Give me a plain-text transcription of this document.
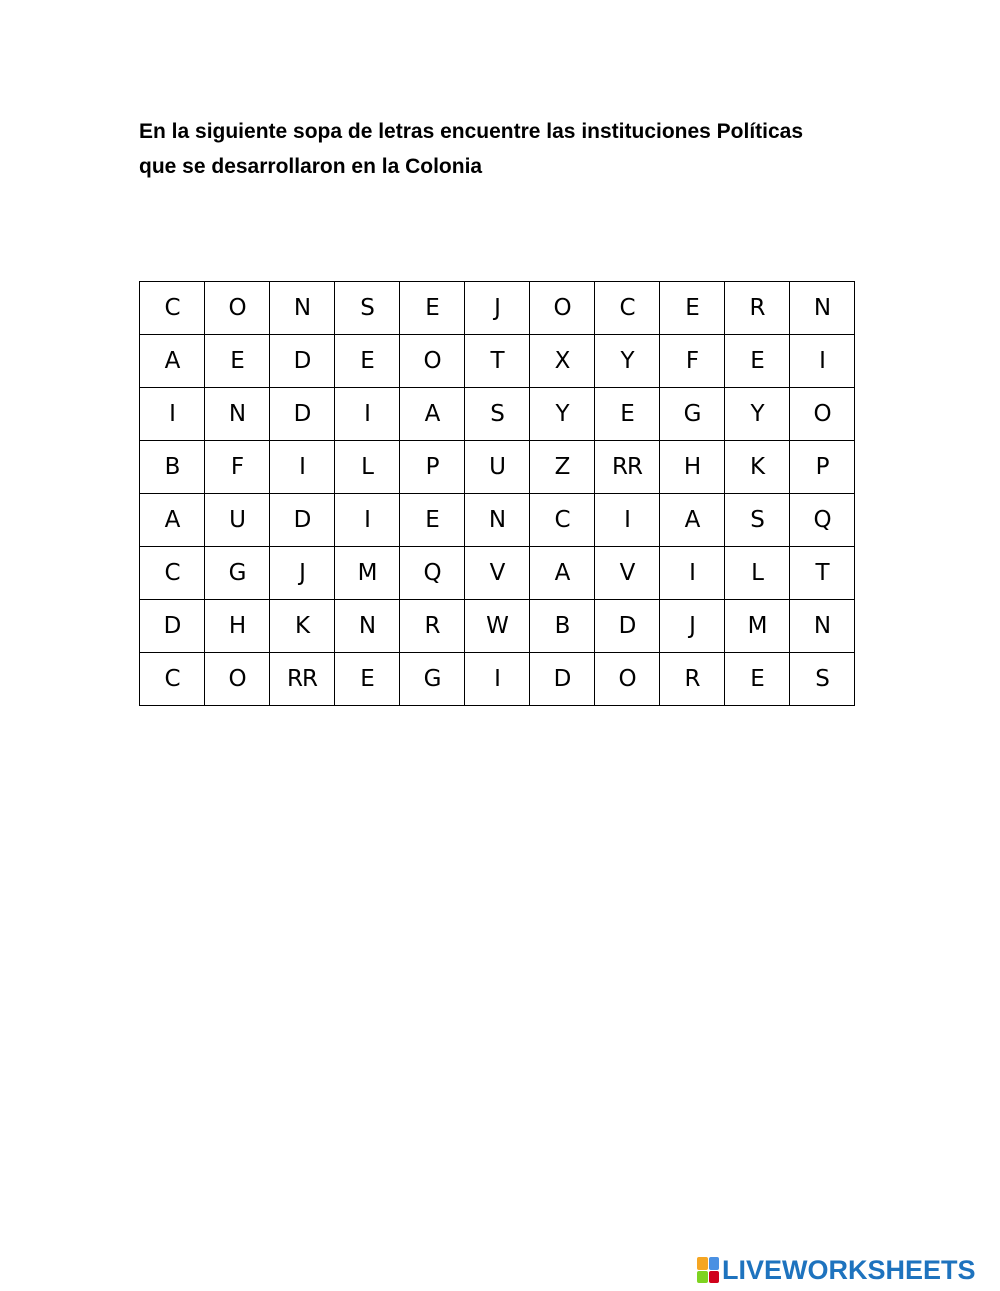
En la siguiente sopa de letras encuentre las instituciones Políticas
que se desarrollaron en la Colonia
C	O	N	S	E	J	O	C	E	R	N
A	E	D	E	O	T	X	Y	F	E	I
I	N	D	I	A	S	Y	E	G	Y	O
B	F	I	L	P	U	Z	RR	H	K	P
A	U	D	I	E	N	C	I	A	S	Q
C	G	J	M	Q	V	A	V	I	L	T
D	H	K	N	R	W	B	D	J	M	N
C	O	RR	E	G	I	D	O	R	E	S
LIVEWORKSHEETS
